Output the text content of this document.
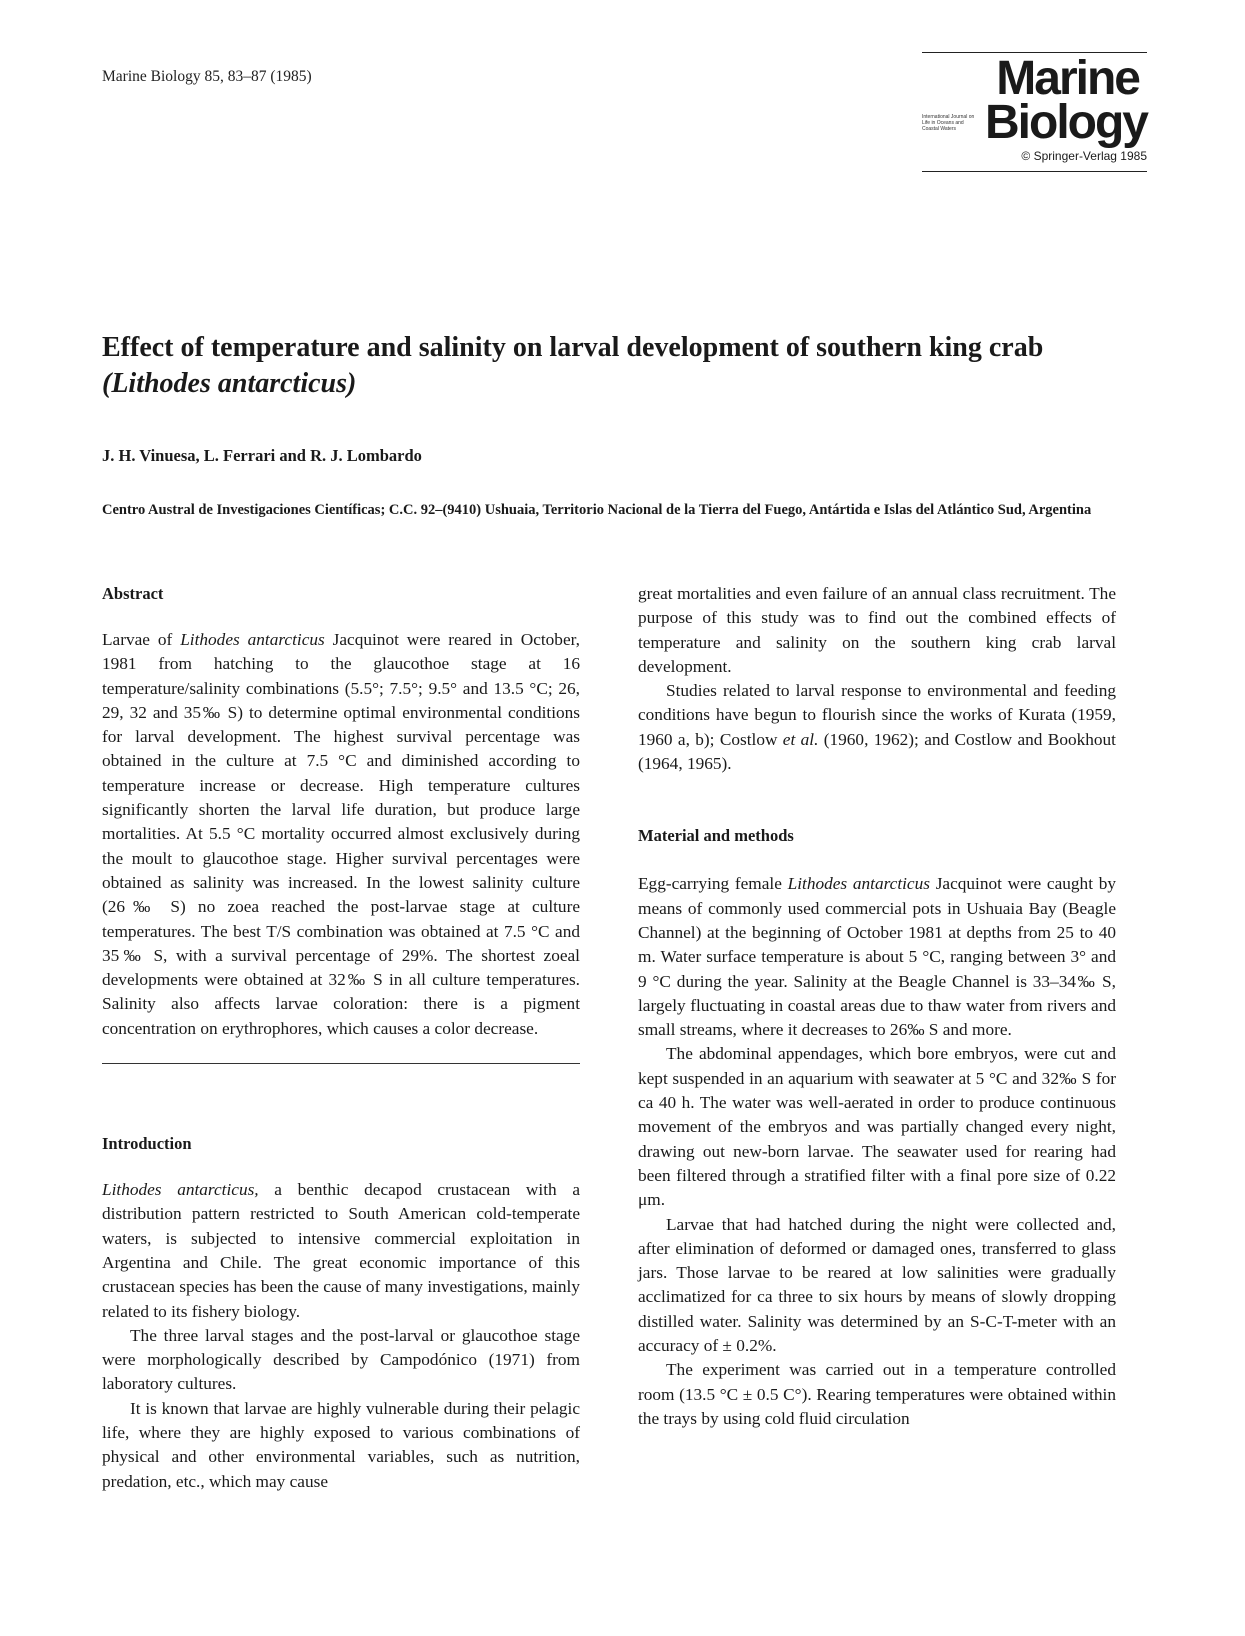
Marine Biology 85, 83–87 (1985)	Marine
International Journal on Life in Oceans and Coastal Waters Biology
© Springer-Verlag 1985
Effect of temperature and salinity on larval development of southern king crab
(Lithodes antarcticus)
J. H. Vinuesa, L. Ferrari and R. J. Lombardo
Centro Austral de Investigaciones Científicas; C.C. 92–(9410) Ushuaia, Territorio Nacional de la Tierra del Fuego, Antártida e Islas del Atlántico Sud, Argentina
Abstract

Larvae of Lithodes antarcticus Jacquinot were reared in October, 1981 from hatching to the glaucothoe stage at 16 temperature/salinity combinations (5.5°; 7.5°; 9.5° and 13.5 °C; 26, 29, 32 and 35‰ S) to determine optimal environmental conditions for larval development. The highest survival percentage was obtained in the culture at 7.5 °C and diminished according to temperature increase or decrease. High temperature cultures significantly shorten the larval life duration, but produce large mortalities. At 5.5 °C mortality occurred almost exclusively during the moult to glaucothoe stage. Higher survival percentages were obtained as salinity was increased. In the lowest salinity culture (26‰ S) no zoea reached the post-larvae stage at culture temperatures. The best T/S combination was obtained at 7.5 °C and 35‰ S, with a survival percentage of 29%. The shortest zoeal developments were obtained at 32‰ S in all culture temperatures. Salinity also affects larvae coloration: there is a pigment concentration on erythrophores, which causes a color decrease.

Introduction

Lithodes antarcticus, a benthic decapod crustacean with a distribution pattern restricted to South American cold-temperate waters, is subjected to intensive commercial exploitation in Argentina and Chile. The great economic importance of this crustacean species has been the cause of many investigations, mainly related to its fishery biology.

The three larval stages and the post-larval or glaucothoe stage were morphologically described by Campodónico (1971) from laboratory cultures.

It is known that larvae are highly vulnerable during their pelagic life, where they are highly exposed to various combinations of physical and other environmental variables, such as nutrition, predation, etc., which may cause

great mortalities and even failure of an annual class recruitment. The purpose of this study was to find out the combined effects of temperature and salinity on the southern king crab larval development.

Studies related to larval response to environmental and feeding conditions have begun to flourish since the works of Kurata (1959, 1960 a, b); Costlow et al. (1960, 1962); and Costlow and Bookhout (1964, 1965).

Material and methods

Egg-carrying female Lithodes antarcticus Jacquinot were caught by means of commonly used commercial pots in Ushuaia Bay (Beagle Channel) at the beginning of October 1981 at depths from 25 to 40 m. Water surface temperature is about 5 °C, ranging between 3° and 9 °C during the year. Salinity at the Beagle Channel is 33–34‰ S, largely fluctuating in coastal areas due to thaw water from rivers and small streams, where it decreases to 26‰ S and more.

The abdominal appendages, which bore embryos, were cut and kept suspended in an aquarium with seawater at 5 °C and 32‰ S for ca 40 h. The water was well-aerated in order to produce continuous movement of the embryos and was partially changed every night, drawing out new-born larvae. The seawater used for rearing had been filtered through a stratified filter with a final pore size of 0.22 μm.

Larvae that had hatched during the night were collected and, after elimination of deformed or damaged ones, transferred to glass jars. Those larvae to be reared at low salinities were gradually acclimatized for ca three to six hours by means of slowly dropping distilled water. Salinity was determined by an S-C-T-meter with an accuracy of ± 0.2%.

The experiment was carried out in a temperature controlled room (13.5 °C ± 0.5 C°). Rearing temperatures were obtained within the trays by using cold fluid circulation
